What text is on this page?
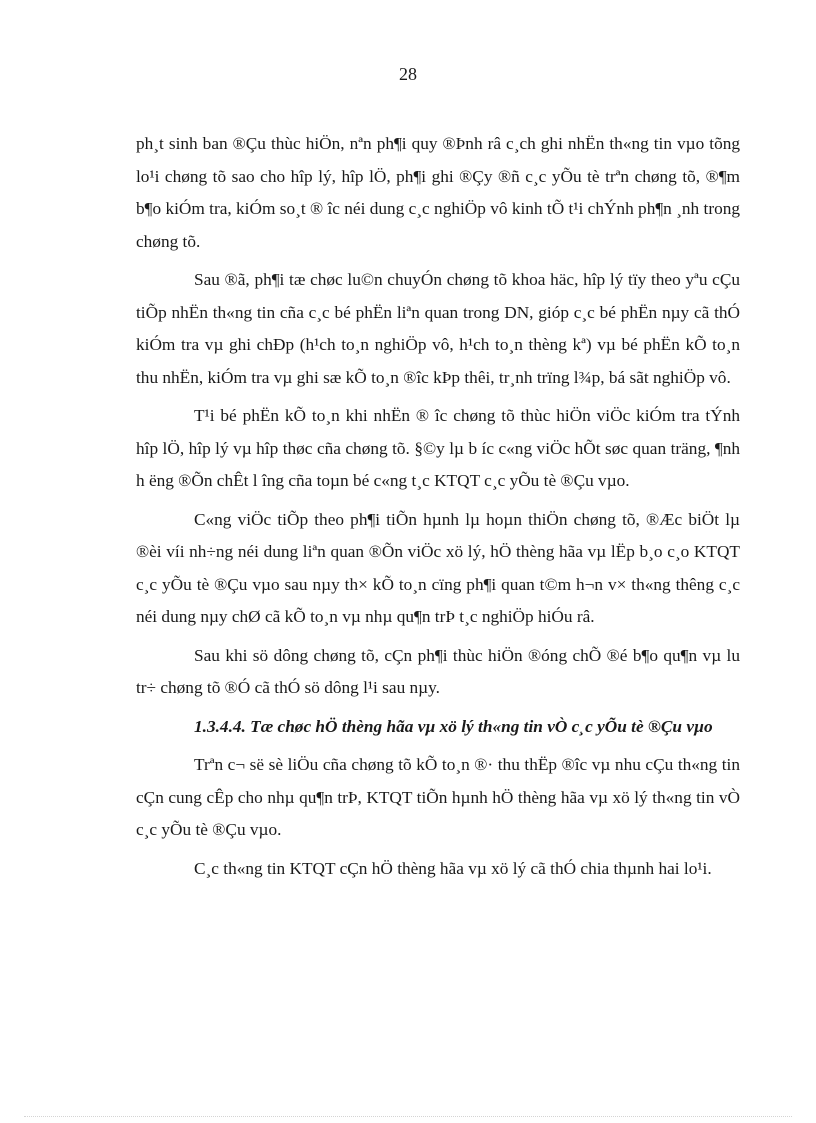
28

ph¸t sinh ban ®Çu thùc hiÖn, nªn ph¶i quy ®Þnh râ c¸ch ghi nhËn th«ng tin vµo tõng lo¹i chøng tõ sao cho hîp lý, hîp lÖ, ph¶i ghi ®Çy ®ñ c¸c yÕu tè trªn chøng tõ, ®¶m b¶o kiÓm tra, kiÓm so¸t ® îc néi dung c¸c nghiÖp vô kinh tÕ t¹i chÝnh ph¶n ¸nh trong chøng tõ.

Sau ®ã, ph¶i tæ chøc lu©n chuyÓn chøng tõ khoa häc, hîp lý tïy theo yªu cÇu tiÕp nhËn th«ng tin cña c¸c bé phËn liªn quan trong DN, gióp c¸c bé phËn nµy cã thÓ kiÓm tra vµ ghi chÐp (h¹ch to¸n nghiÖp vô, h¹ch to¸n thèng kª) vµ bé phËn kÕ to¸n thu nhËn, kiÓm tra vµ ghi sæ kÕ to¸n ®îc kÞp thêi, tr¸nh trïng l¾p, bá sãt nghiÖp vô.

T¹i bé phËn kÕ to¸n khi nhËn ® îc chøng tõ thùc hiÖn viÖc kiÓm tra tÝnh hîp lÖ, hîp lý vµ hîp thøc cña chøng tõ. §©y lµ b íc c«ng viÖc hÕt søc quan träng, ¶nh h ëng ®Õn chÊt l îng cña toµn bé c«ng t¸c KTQT c¸c yÕu tè ®Çu vµo.

C«ng viÖc tiÕp theo ph¶i tiÕn hµnh lµ hoµn thiÖn chøng tõ, ®Æc biÖt lµ ®èi víi nh÷ng néi dung liªn quan ®Õn viÖc xö lý, hÖ thèng hãa vµ lËp b¸o c¸o KTQT c¸c yÕu tè ®Çu vµo sau nµy th× kÕ to¸n cïng ph¶i quan t©m h¬n v× th«ng thêng c¸c néi dung nµy chØ cã kÕ to¸n vµ nhµ qu¶n trÞ t¸c nghiÖp hiÓu râ.

Sau khi sö dông chøng tõ, cÇn ph¶i thùc hiÖn ®óng chÕ ®é b¶o qu¶n vµ lu tr÷ chøng tõ ®Ó cã thÓ sö dông l¹i sau nµy.

1.3.4.4. Tæ chøc hÖ thèng hãa vµ xö lý th«ng tin vÒ c¸c yÕu tè ®Çu vµo

Trªn c¬ së sè liÖu cña chøng tõ kÕ to¸n ®· thu thËp ®îc vµ nhu cÇu th«ng tin cÇn cung cÊp cho nhµ qu¶n trÞ, KTQT tiÕn hµnh hÖ thèng hãa vµ xö lý th«ng tin vÒ c¸c yÕu tè ®Çu vµo.

C¸c th«ng tin KTQT cÇn hÖ thèng hãa vµ xö lý cã thÓ chia thµnh hai lo¹i.
